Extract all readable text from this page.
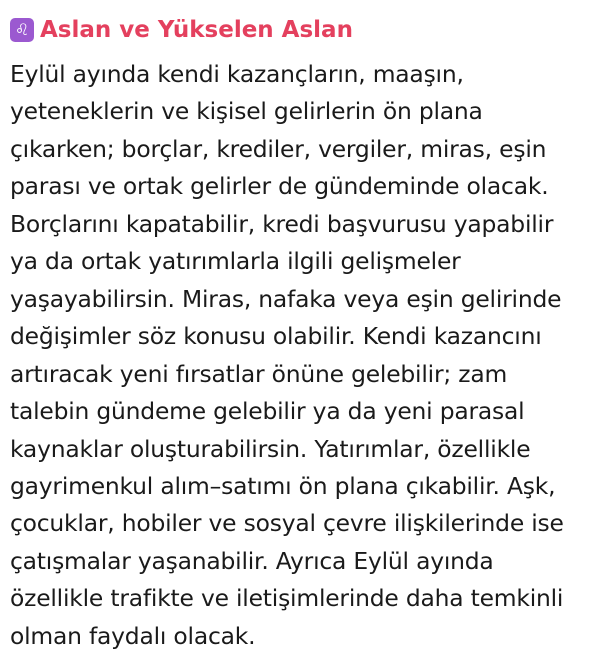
♌ Aslan ve Yükselen Aslan

Eylül ayında kendi kazançların, maaşın,
yeteneklerin ve kişisel gelirlerin ön plana
çıkarken; borçlar, krediler, vergiler, miras, eşin
parası ve ortak gelirler de gündeminde olacak.
Borçlarını kapatabilir, kredi başvurusu yapabilir
ya da ortak yatırımlarla ilgili gelişmeler
yaşayabilirsin. Miras, nafaka veya eşin gelirinde
değişimler söz konusu olabilir. Kendi kazancını
artıracak yeni fırsatlar önüne gelebilir; zam
talebin gündeme gelebilir ya da yeni parasal
kaynaklar oluşturabilirsin. Yatırımlar, özellikle
gayrimenkul alım–satımı ön plana çıkabilir. Aşk,
çocuklar, hobiler ve sosyal çevre ilişkilerinde ise
çatışmalar yaşanabilir. Ayrıca Eylül ayında
özellikle trafikte ve iletişimlerinde daha temkinli
olman faydalı olacak.
